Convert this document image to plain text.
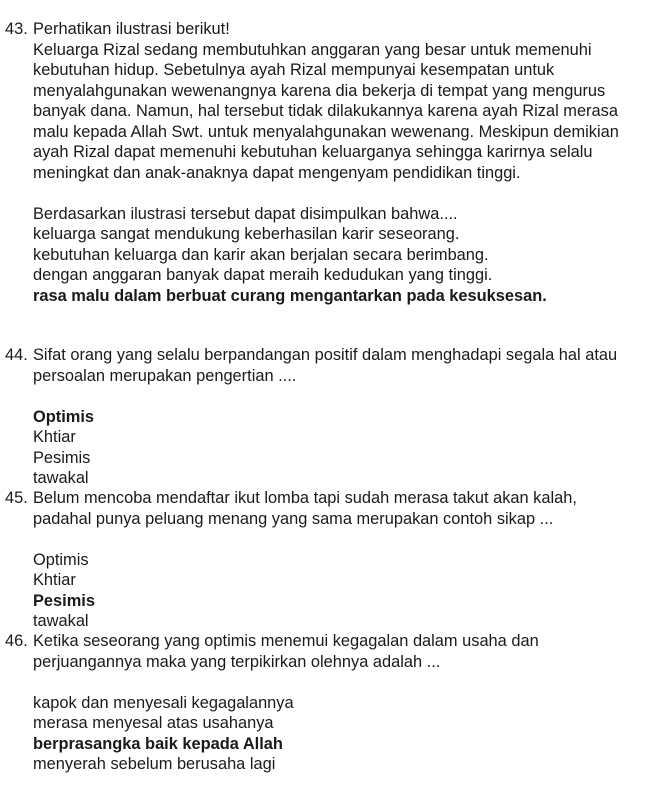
43. Perhatikan ilustrasi berikut!
Keluarga Rizal sedang membutuhkan anggaran yang besar untuk memenuhi
kebutuhan hidup. Sebetulnya ayah Rizal mempunyai kesempatan untuk
menyalahgunakan wewenangnya karena dia bekerja di tempat yang mengurus
banyak dana. Namun, hal tersebut tidak dilakukannya karena ayah Rizal merasa
malu kepada Allah Swt. untuk menyalahgunakan wewenang. Meskipun demikian
ayah Rizal dapat memenuhi kebutuhan keluarganya sehingga karirnya selalu
meningkat dan anak-anaknya dapat mengenyam pendidikan tinggi.
Berdasarkan ilustrasi tersebut dapat disimpulkan bahwa....
keluarga sangat mendukung keberhasilan karir seseorang.
kebutuhan keluarga dan karir akan berjalan secara berimbang.
dengan anggaran banyak dapat meraih kedudukan yang tinggi.
rasa malu dalam berbuat curang mengantarkan pada kesuksesan.
44. Sifat orang yang selalu berpandangan positif dalam menghadapi segala hal atau
persoalan merupakan pengertian ....
Optimis
Khtiar
Pesimis
tawakal
45. Belum mencoba mendaftar ikut lomba tapi sudah merasa takut akan kalah,
padahal punya peluang menang yang sama merupakan contoh sikap ...
Optimis
Khtiar
Pesimis
tawakal
46. Ketika seseorang yang optimis menemui kegagalan dalam usaha dan
perjuangannya maka yang terpikirkan olehnya adalah ...
kapok dan menyesali kegagalannya
merasa menyesal atas usahanya
berprasangka baik kepada Allah
menyerah sebelum berusaha lagi
